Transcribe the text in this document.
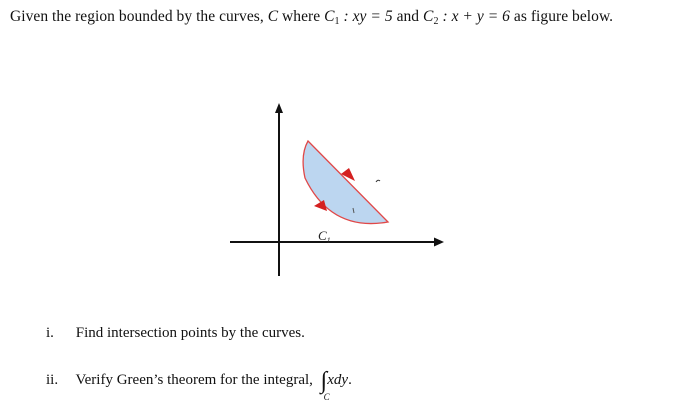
Given the region bounded by the curves, C where $C_1$ : xy = 5 and $C_2$ : x + y = 6 as figure below.
$C_1$
i. Find intersection points by the curves.
ii. Verify Green’s theorem for the integral, ∫
C
xdy.
